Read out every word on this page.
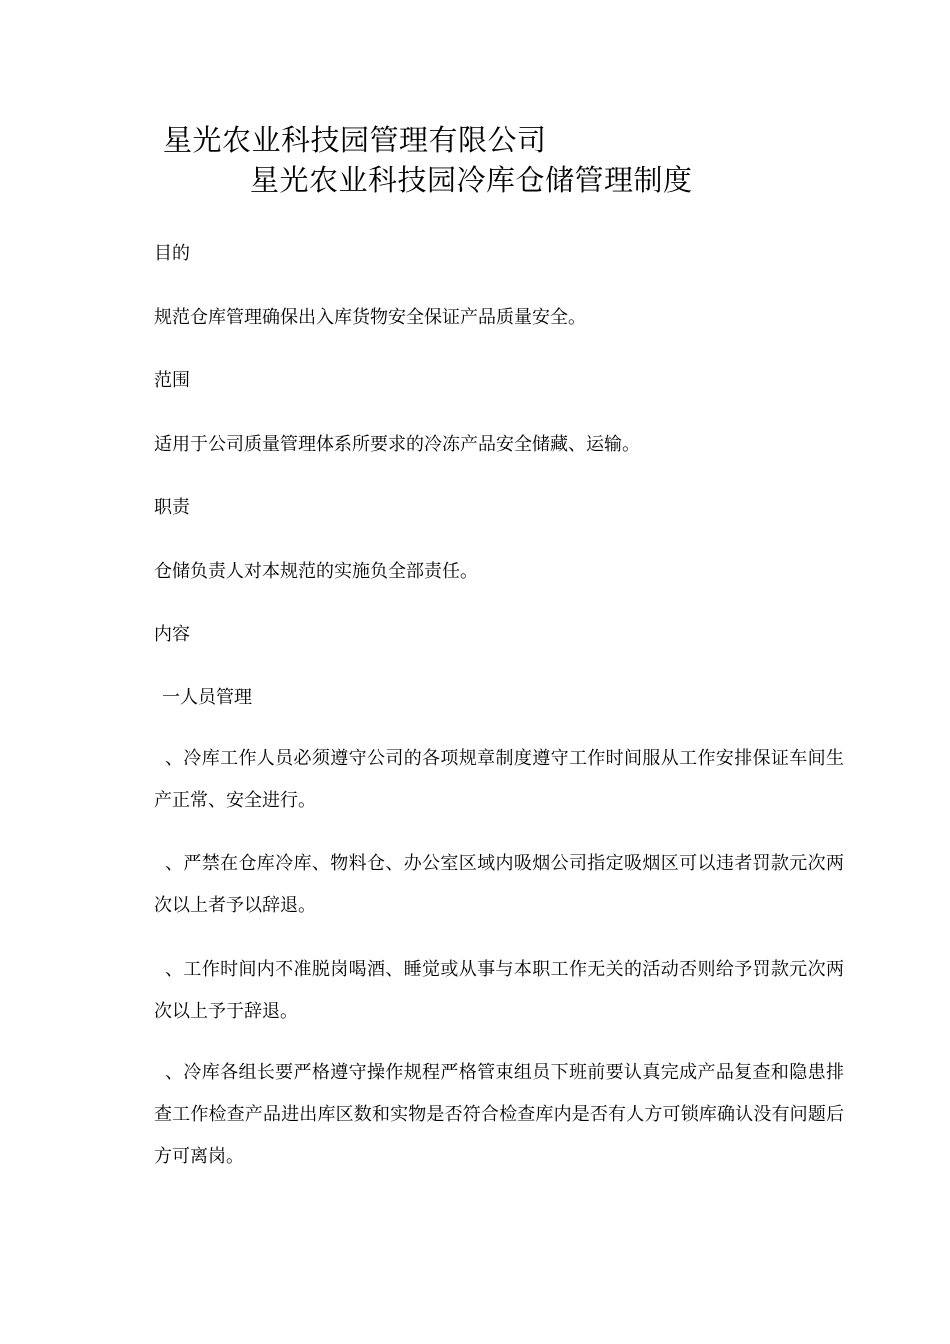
星光农业科技园管理有限公司
星光农业科技园冷库仓储管理制度
目的
规范仓库管理确保出入库货物安全保证产品质量安全。
范围
适用于公司质量管理体系所要求的冷冻产品安全储藏、运输。
职责
仓储负责人对本规范的实施负全部责任。
内容
一人员管理
、冷库工作人员必须遵守公司的各项规章制度遵守工作时间服从工作安排保证车间生产正常、安全进行。
、严禁在仓库冷库、物料仓、办公室区域内吸烟公司指定吸烟区可以违者罚款元次两次以上者予以辞退。
、工作时间内不准脱岗喝酒、睡觉或从事与本职工作无关的活动否则给予罚款元次两次以上予于辞退。
、冷库各组长要严格遵守操作规程严格管束组员下班前要认真完成产品复查和隐患排查工作检查产品进出库区数和实物是否符合检查库内是否有人方可锁库确认没有问题后方可离岗。
